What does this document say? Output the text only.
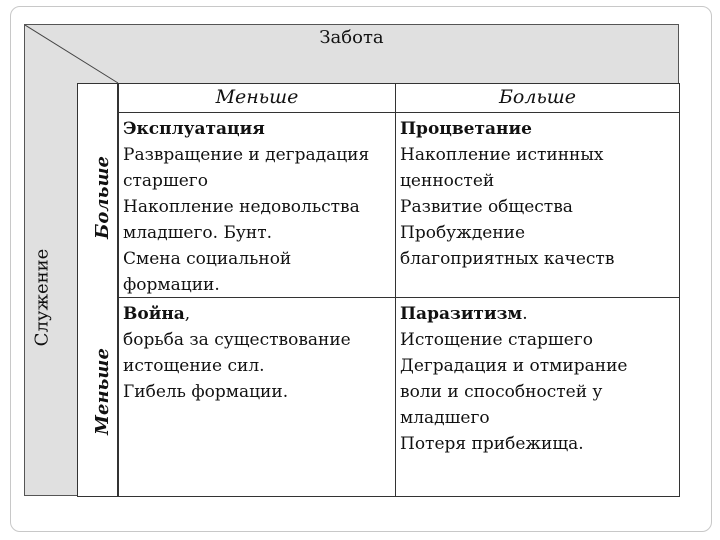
Забота
Служение
Больше
Меньше
Меньше	Больше
Эксплуатация
Развращение и деградация
старшего
Накопление недовольства
младшего. Бунт.
Смена социальной
формации.
Процветание
Накопление истинных
ценностей
Развитие общества
Пробуждение
благоприятных качеств
Война,
борьба за существование
истощение сил.
Гибель формации.
Паразитизм.
Истощение старшего
Деградация и отмирание
воли и способностей у
младшего
Потеря прибежища.
